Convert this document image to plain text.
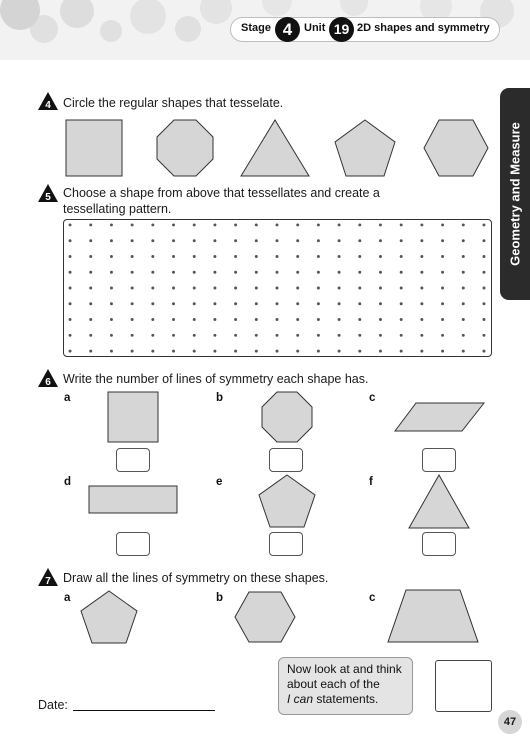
Stage 4	Unit 19 2D shapes and symmetry
Geometry and Measure
4 Circle the regular shapes that tesselate.
5 Choose a shape from above that tessellates and create a
tessellating pattern.
6 Write the number of lines of symmetry each shape has.
a	b	c
d	e	f
7 Draw all the lines of symmetry on these shapes.
a	b	c
Date:
Now look at and think
about each of the
I can statements.
47
